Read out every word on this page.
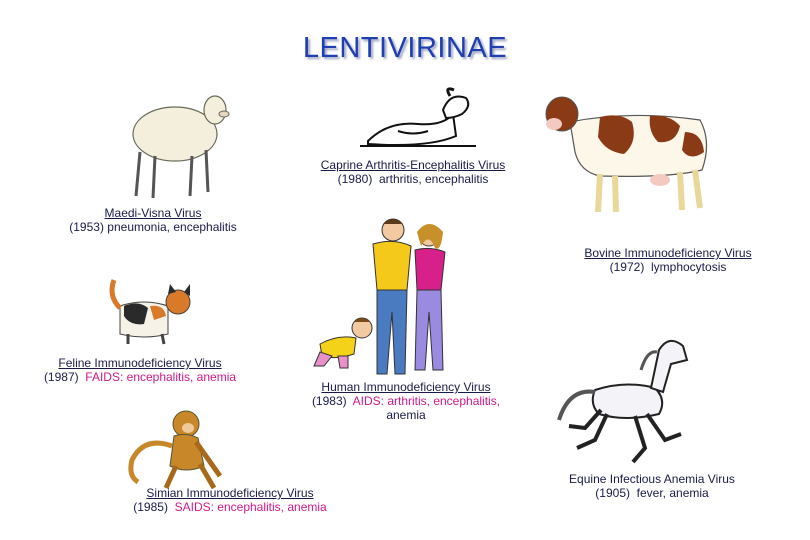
LENTIVIRINAE
Caprine Arthritis-Encephalitis Virus
(1980) arthritis, encephalitis
Maedi-Visna Virus
(1953) pneumonia, encephalitis
Bovine Immunodeficiency Virus
(1972) lymphocytosis
Feline Immunodeficiency Virus
(1987) FAIDS: encephalitis, anemia
Human Immunodeficiency Virus
(1983) AIDS: arthritis, encephalitis,
anemia
Simian Immunodeficiency Virus
(1985) SAIDS: encephalitis, anemia
Equine Infectious Anemia Virus
(1905) fever, anemia
